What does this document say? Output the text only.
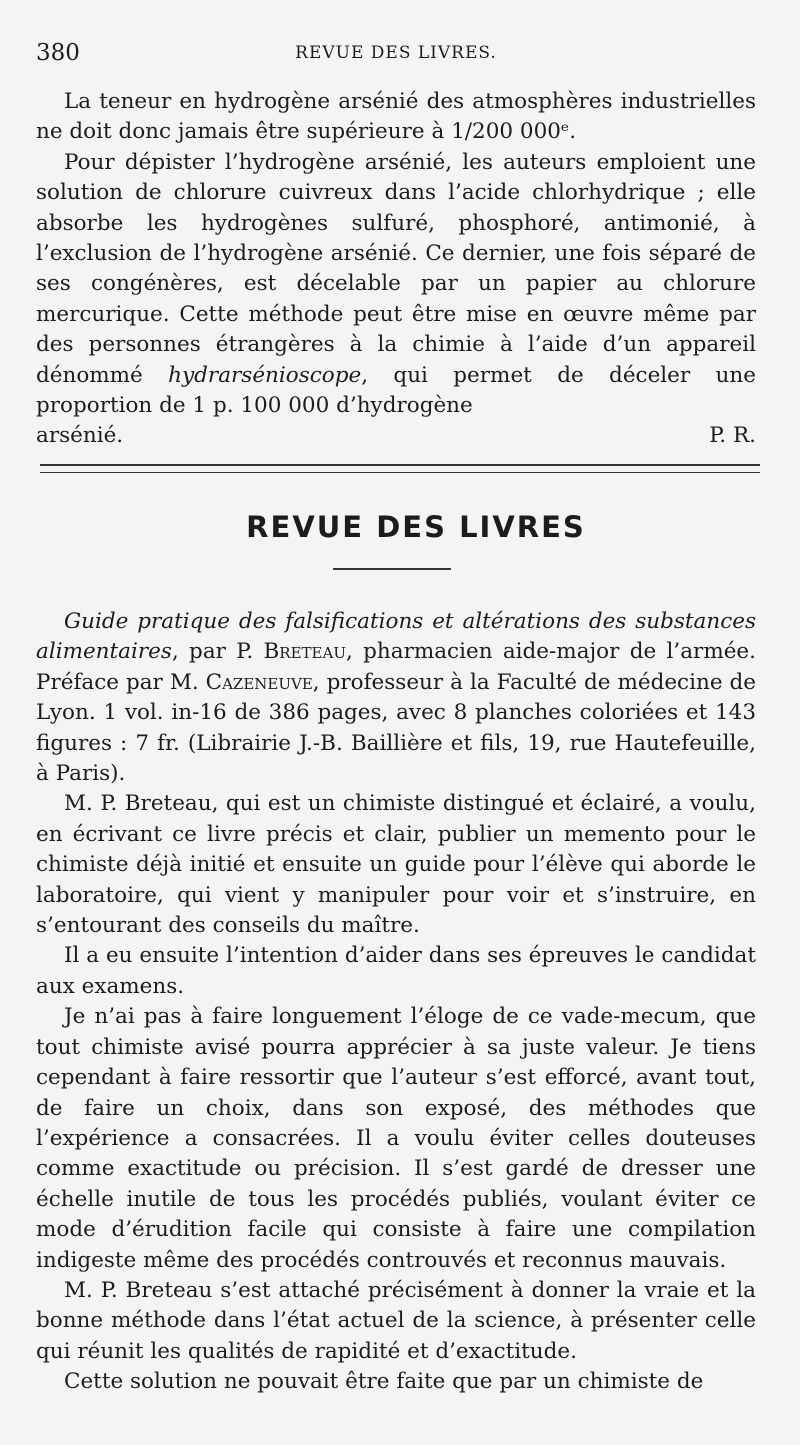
380	REVUE DES LIVRES.

La teneur en hydrogène arsénié des atmosphères industrielles ne doit donc jamais être supérieure à 1/200 000ᵉ.

Pour dépister l’hydrogène arsénié, les auteurs emploient une solution de chlorure cuivreux dans l’acide chlorhydrique ; elle absorbe les hydrogènes sulfuré, phosphoré, antimonié, à l’exclusion de l’hydrogène arsénié. Ce dernier, une fois séparé de ses congénères, est décelable par un papier au chlorure mercurique. Cette méthode peut être mise en œuvre même par des personnes étrangères à la chimie à l’aide d’un appareil dénommé hydrarsénioscope, qui permet de déceler une proportion de 1 p. 100 000 d’hydrogène

arsénié.	P. R.

REVUE DES LIVRES

Guide pratique des falsifications et altérations des substances alimentaires, par P. Breteau, pharmacien aide-major de l’armée. Préface par M. Cazeneuve, professeur à la Faculté de médecine de Lyon. 1 vol. in-16 de 386 pages, avec 8 planches coloriées et 143 figures : 7 fr. (Librairie J.-B. Baillière et fils, 19, rue Hautefeuille, à Paris).

M. P. Breteau, qui est un chimiste distingué et éclairé, a voulu, en écrivant ce livre précis et clair, publier un memento pour le chimiste déjà initié et ensuite un guide pour l’élève qui aborde le laboratoire, qui vient y manipuler pour voir et s’instruire, en s’entourant des conseils du maître.

Il a eu ensuite l’intention d’aider dans ses épreuves le candidat aux examens.

Je n’ai pas à faire longuement l’éloge de ce vade-mecum, que tout chimiste avisé pourra apprécier à sa juste valeur. Je tiens cependant à faire ressortir que l’auteur s’est efforcé, avant tout, de faire un choix, dans son exposé, des méthodes que l’expérience a consacrées. Il a voulu éviter celles douteuses comme exactitude ou précision. Il s’est gardé de dresser une échelle inutile de tous les procédés publiés, voulant éviter ce mode d’érudition facile qui consiste à faire une compilation indigeste même des procédés controuvés et reconnus mauvais.

M. P. Breteau s’est attaché précisément à donner la vraie et la bonne méthode dans l’état actuel de la science, à présenter celle qui réunit les qualités de rapidité et d’exactitude.

Cette solution ne pouvait être faite que par un chimiste de
